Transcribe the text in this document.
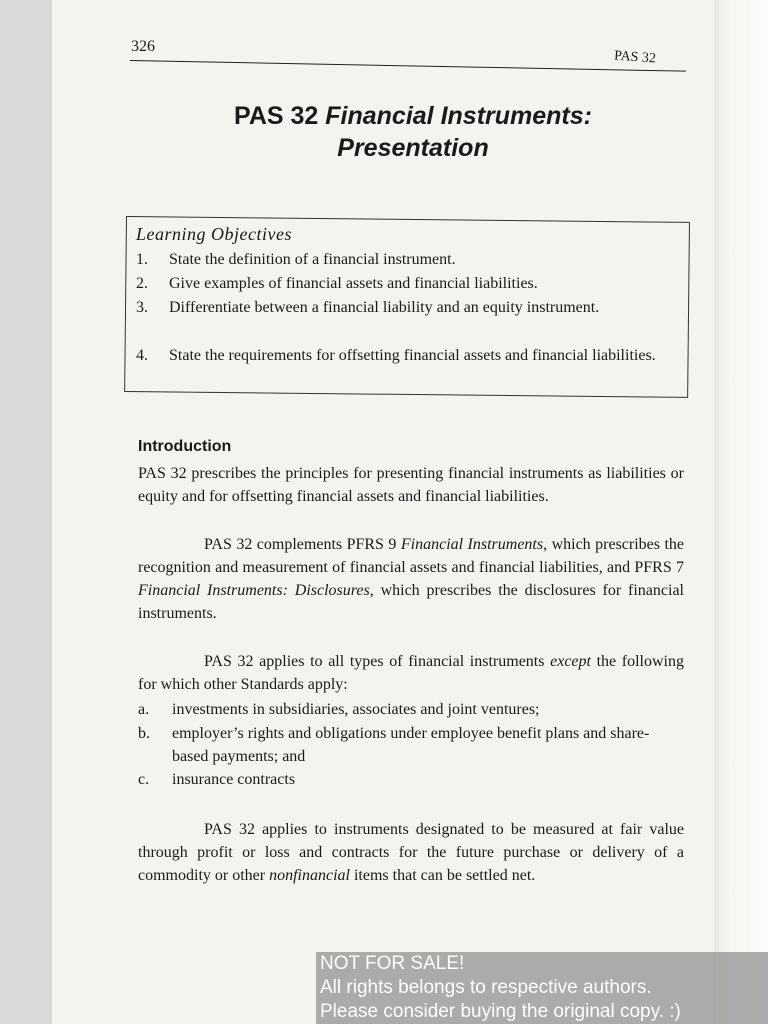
326
PAS 32
PAS 32 Financial Instruments:
Presentation
Learning Objectives
1.	State the definition of a financial instrument.
2.	Give examples of financial assets and financial liabilities.
3.	Differentiate between a financial liability and an equity instrument.
4.	State the requirements for offsetting financial assets and financial liabilities.
Introduction
PAS 32 prescribes the principles for presenting financial instruments as liabilities or equity and for offsetting financial assets and financial liabilities.
PAS 32 complements PFRS 9 Financial Instruments, which prescribes the recognition and measurement of financial assets and financial liabilities, and PFRS 7 Financial Instruments: Disclosures, which prescribes the disclosures for financial instruments.
PAS 32 applies to all types of financial instruments except the following for which other Standards apply:
a. investments in subsidiaries, associates and joint ventures;
b. employer’s rights and obligations under employee benefit plans and share-based payments; and
c. insurance contracts
PAS 32 applies to instruments designated to be measured at fair value through profit or loss and contracts for the future purchase or delivery of a commodity or other nonfinancial items that can be settled net.
NOT FOR SALE!
All rights belongs to respective authors.
Please consider buying the original copy. :)
